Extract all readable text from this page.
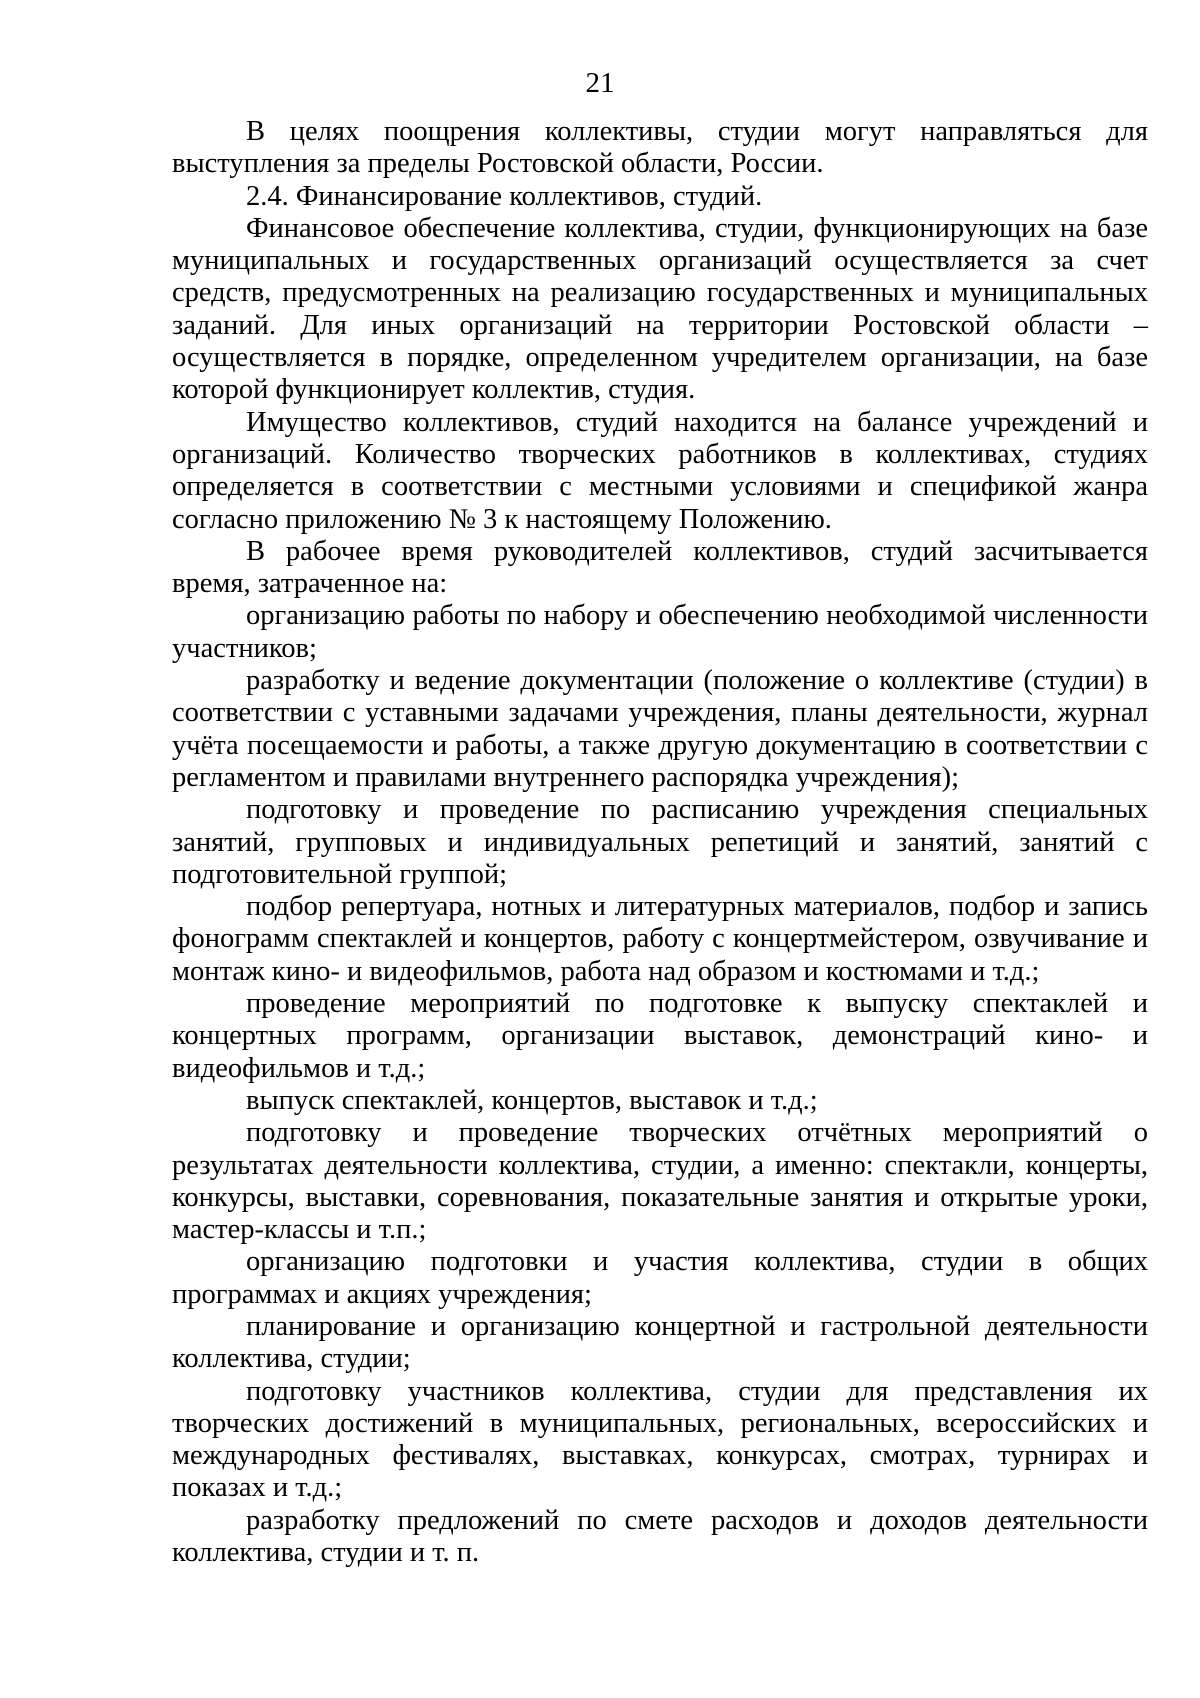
21

В целях поощрения коллективы, студии могут направляться для выступления за пределы Ростовской области, России.

2.4. Финансирование коллективов, студий.

Финансовое обеспечение коллектива, студии, функционирующих на базе муниципальных и государственных организаций осуществляется за счет средств, предусмотренных на реализацию государственных и муниципальных заданий. Для иных организаций на территории Ростовской области – осуществляется в порядке, определенном учредителем организации, на базе которой функционирует коллектив, студия.

Имущество коллективов, студий находится на балансе учреждений и организаций. Количество творческих работников в коллективах, студиях определяется в соответствии с местными условиями и спецификой жанра согласно приложению № 3 к настоящему Положению.

В рабочее время руководителей коллективов, студий засчитывается время, затраченное на:

организацию работы по набору и обеспечению необходимой численности участников;

разработку и ведение документации (положение о коллективе (студии) в соответствии с уставными задачами учреждения, планы деятельности, журнал учёта посещаемости и работы, а также другую документацию в соответствии с регламентом и правилами внутреннего распорядка учреждения);

подготовку и проведение по расписанию учреждения специальных занятий, групповых и индивидуальных репетиций и занятий, занятий с подготовительной группой;

подбор репертуара, нотных и литературных материалов, подбор и запись фонограмм спектаклей и концертов, работу с концертмейстером, озвучивание и монтаж кино- и видеофильмов, работа над образом и костюмами и т.д.;

проведение мероприятий по подготовке к выпуску спектаклей и концертных программ, организации выставок, демонстраций кино- и видеофильмов и т.д.;

выпуск спектаклей, концертов, выставок и т.д.;

подготовку и проведение творческих отчётных мероприятий о результатах деятельности коллектива, студии, а именно: спектакли, концерты, конкурсы, выставки, соревнования, показательные занятия и открытые уроки, мастер-классы и т.п.;

организацию подготовки и участия коллектива, студии в общих программах и акциях учреждения;

планирование и организацию концертной и гастрольной деятельности коллектива, студии;

подготовку участников коллектива, студии для представления их творческих достижений в муниципальных, региональных, всероссийских и международных фестивалях, выставках, конкурсах, смотрах, турнирах и показах и т.д.;

разработку предложений по смете расходов и доходов деятельности коллектива, студии и т. п.
